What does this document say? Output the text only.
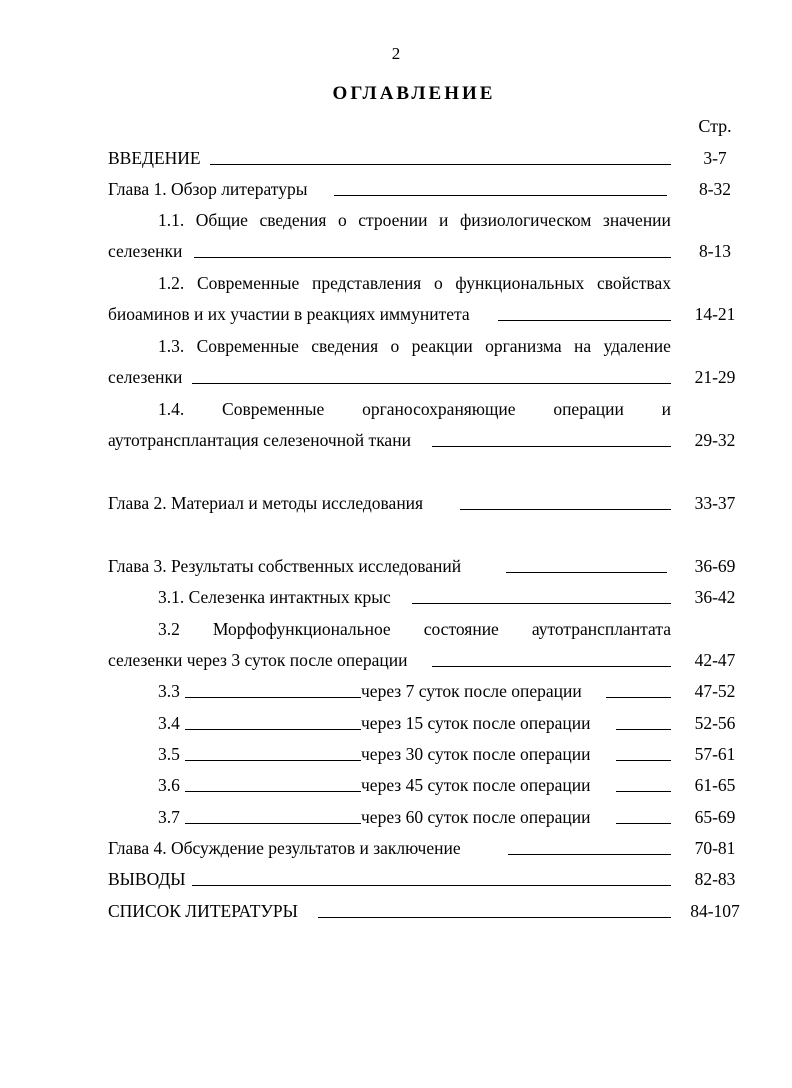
2
ОГЛАВЛЕНИЕ
Стр.
ВВЕДЕНИЕ	3-7
Глава 1. Обзор литературы	8-32
1.1. Общие сведения о строении и физиологическом значении
селезенки	8-13
1.2. Современные представления о функциональных свойствах
биоаминов и их участии в реакциях иммунитета	14-21
1.3. Современные сведения о реакции организма на удаление
селезенки	21-29
1.4. Современные органосохраняющие операции и
аутотрансплантация селезеночной ткани	29-32
Глава 2. Материал и методы исследования	33-37
Глава 3. Результаты собственных исследований	36-69
3.1. Селезенка интактных крыс	36-42
3.2 Морфофункциональное состояние аутотрансплантата
селезенки через 3 суток после операции	42-47
3.3	через 7 суток после операции	47-52
3.4	через 15 суток после операции	52-56
3.5	через 30 суток после операции	57-61
3.6	через 45 суток после операции	61-65
3.7	через 60 суток после операции	65-69
Глава 4. Обсуждение результатов и заключение	70-81
ВЫВОДЫ	82-83
СПИСОК ЛИТЕРАТУРЫ	84-107
